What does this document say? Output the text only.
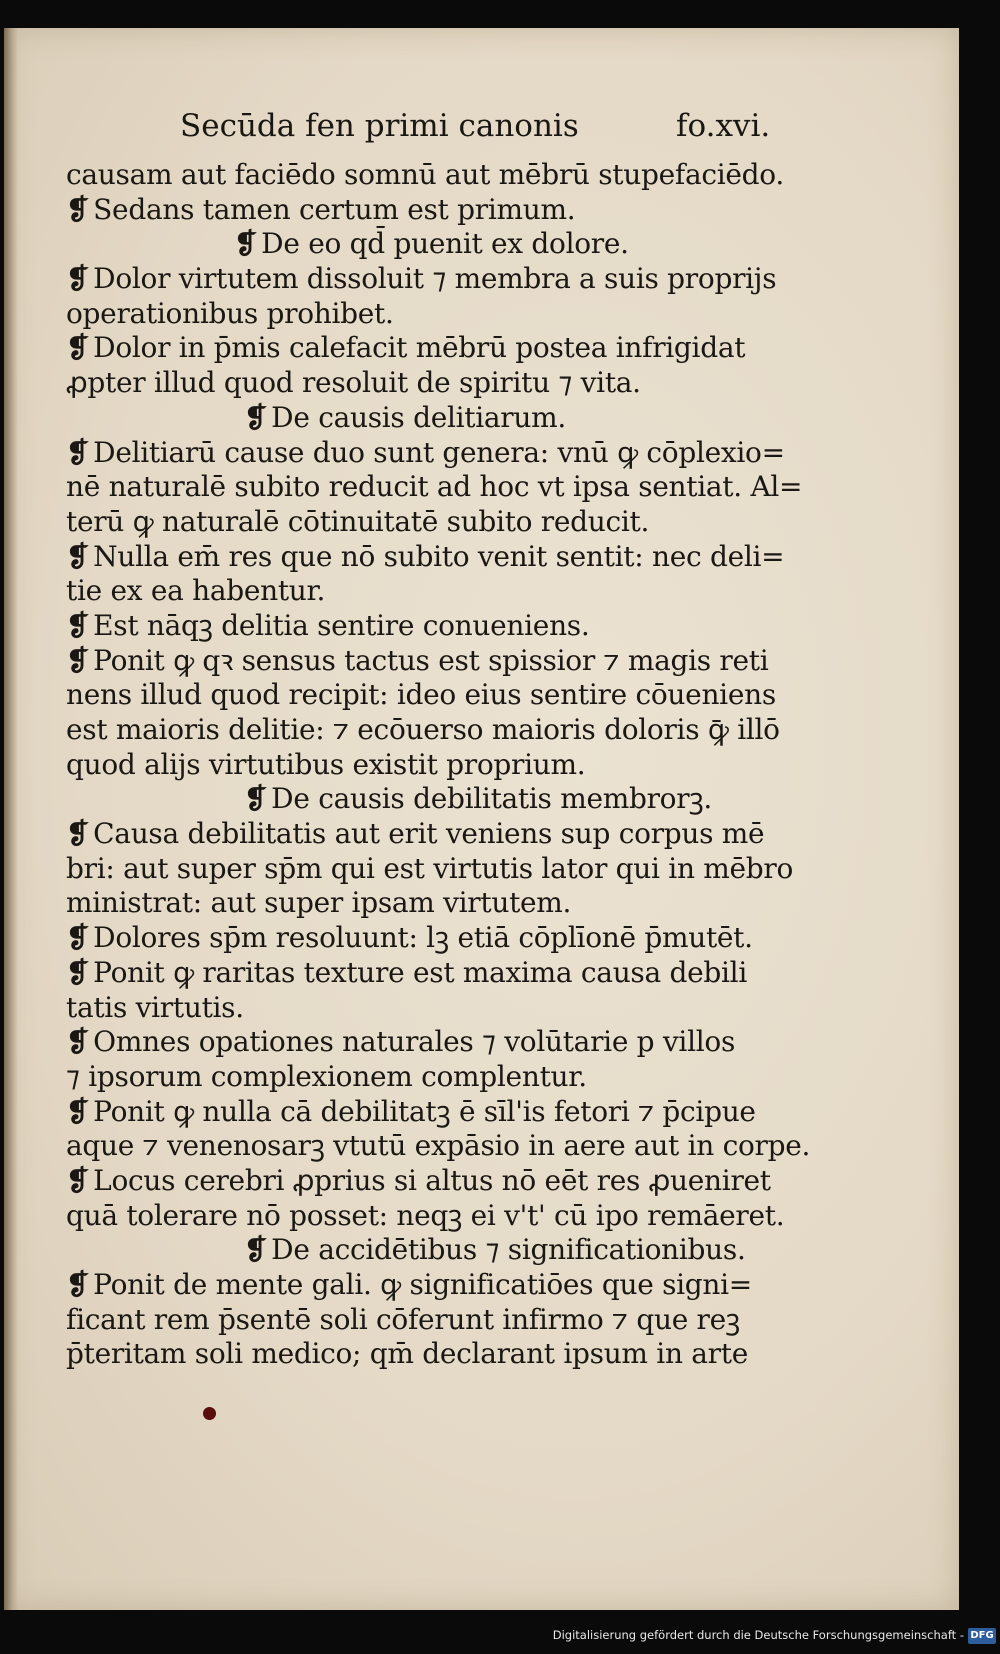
Secūda fen primi canonis	fo.xvi.
causam aut faciēdo somnū aut mēbrū stupefaciēdo.
❡ Sedans tamen certum est primum.
❡ De eo qd̄ puenit ex dolore.
❡ Dolor virtutem dissoluit ⁊ membra a suis proprijs
operationibus prohibet.
❡ Dolor in p̄mis calefacit mēbrū postea infrigidat
ꝓpter illud quod resoluit de spiritu ⁊ vita.
❡ De causis delitiarum.
❡ Delitiarū cause duo sunt genera: vnū ꝙ cōplexio=
nē naturalē subito reducit ad hoc vt ipsa sentiat. Al=
terū ꝙ naturalē cōtinuitatē subito reducit.
❡ Nulla em̄ res que nō subito venit sentit: nec deli=
tie ex ea habentur.
❡ Est nāqꝫ delitia sentire conueniens.
❡ Ponit ꝙ qꝛ sensus tactus est spissior ⁊ magis reti
nens illud quod recipit: ideo eius sentire cōueniens
est maioris delitie: ⁊ ecōuerso maioris doloris ꝙ̄ illō
quod alijs virtutibus existit proprium.
❡ De causis debilitatis membrorꝫ.
❡ Causa debilitatis aut erit veniens sup corpus mē
bri: aut super sp̄m qui est virtutis lator qui in mēbro
ministrat: aut super ipsam virtutem.
❡ Dolores sp̄m resoluunt: lꝫ etiā cōplīonē p̄mutēt.
❡ Ponit ꝙ raritas texture est maxima causa debili
tatis virtutis.
❡ Omnes opationes naturales ⁊ volūtarie p villos
⁊ ipsorum complexionem complentur.
❡ Ponit ꝙ nulla cā debilitatꝫ ē sīl'is fetori ⁊ p̄cipue
aque ⁊ venenosarꝫ vtutū expāsio in aere aut in corpe.
❡ Locus cerebri ꝓprius si altus nō eēt res ꝓueniret
quā tolerare nō posset: neqꝫ ei v't' cū ipo remāeret.
❡ De accidētibus ⁊ significationibus.
❡ Ponit de mente gali. ꝙ significatiōes que signi=
ficant rem p̄sentē soli cōferunt infirmo ⁊ que reꝫ
p̄teritam soli medico; qm̄ declarant ipsum in arte
Digitalisierung gefördert durch die Deutsche Forschungsgemeinschaft - DFG
